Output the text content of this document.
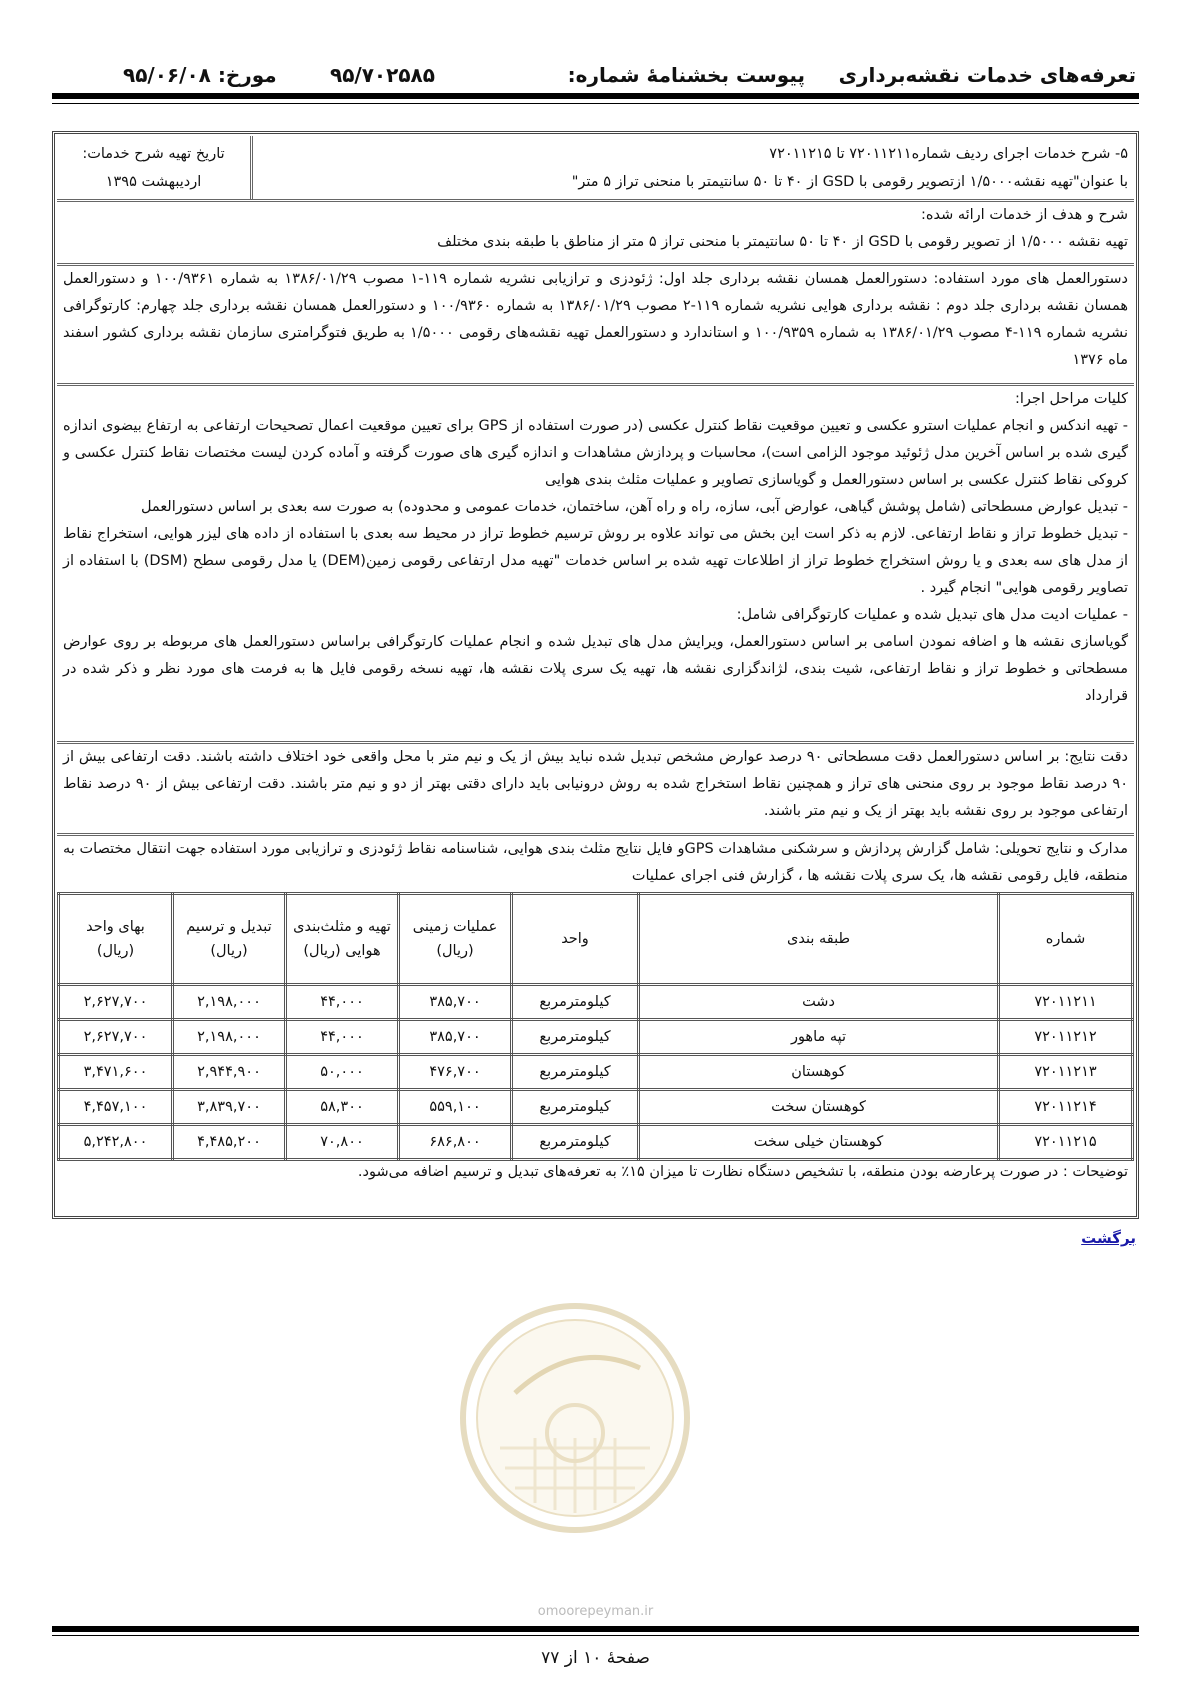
تعرفه‌های خدمات نقشه‌برداری
پیوست بخشنامهٔ شماره:
۹۵/۷۰۲۵۸۵
مورخ: ۹۵/۰۶/۰۸
۵- شرح خدمات اجرای ردیف شماره۷۲۰۱۱۲۱۱ تا ۷۲۰۱۱۲۱۵
با عنوان"تهیه نقشه۱/۵۰۰۰ ازتصویر رقومی با GSD از ۴۰ تا ۵۰ سانتیمتر با منحنی تراز ۵ متر"
تاریخ تهیه شرح خدمات:
اردیبهشت ۱۳۹۵

شرح و هدف از خدمات ارائه شده:

تهیه نقشه ۱/۵۰۰۰ از تصویر رقومی با GSD از ۴۰ تا ۵۰ سانتیمتر با منحنی تراز ۵ متر از مناطق با طبقه بندی مختلف

دستورالعمل های مورد استفاده: دستورالعمل همسان نقشه برداری جلد اول: ژئودزی و ترازیابی نشریه شماره ۱۱۹-۱ مصوب ۱۳۸۶/۰۱/۲۹ به شماره ۱۰۰/۹۳۶۱ و دستورالعمل همسان نقشه برداری جلد دوم : نقشه برداری هوایی نشریه شماره ۱۱۹-۲ مصوب ۱۳۸۶/۰۱/۲۹ به شماره ۱۰۰/۹۳۶۰ و دستورالعمل همسان نقشه برداری جلد چهارم: کارتوگرافی نشریه شماره ۱۱۹-۴ مصوب ۱۳۸۶/۰۱/۲۹ به شماره ۱۰۰/۹۳۵۹ و استاندارد و دستورالعمل تهیه نقشه‌های رقومی ۱/۵۰۰۰ به طریق فتوگرامتری سازمان نقشه برداری کشور اسفند ماه ۱۳۷۶

کلیات مراحل اجرا:

- تهیه اندکس و انجام عملیات استرو عکسی و تعیین موقعیت نقاط کنترل عکسی (در صورت استفاده از GPS برای تعیین موقعیت اعمال تصحیحات ارتفاعی به ارتفاع بیضوی اندازه گیری شده بر اساس آخرین مدل ژئوئید موجود الزامی است)، محاسبات و پردازش مشاهدات و اندازه گیری های صورت گرفته و آماده کردن لیست مختصات نقاط کنترل عکسی و کروکی نقاط کنترل عکسی بر اساس دستورالعمل و گویاسازی تصاویر و عملیات مثلث بندی هوایی

- تبدیل عوارض مسطحاتی (شامل پوشش گیاهی، عوارض آبی، سازه، راه و راه آهن، ساختمان، خدمات عمومی و محدوده) به صورت سه بعدی بر اساس دستورالعمل

- تبدیل خطوط تراز و نقاط ارتفاعی. لازم به ذکر است این بخش می تواند علاوه بر روش ترسیم خطوط تراز در محیط سه بعدی با استفاده از داده های لیزر هوایی، استخراج نقاط از مدل های سه بعدی و یا روش استخراج خطوط تراز از اطلاعات تهیه شده بر اساس خدمات "تهیه مدل ارتفاعی رقومی زمین(DEM) یا مدل رقومی سطح (DSM) با استفاده از تصاویر رقومی هوایی" انجام گیرد .

- عملیات ادیت مدل های تبدیل شده و عملیات کارتوگرافی شامل:

گویاسازی نقشه ها و اضافه نمودن اسامی بر اساس دستورالعمل، ویرایش مدل های تبدیل شده و انجام عملیات کارتوگرافی براساس دستورالعمل های مربوطه بر روی عوارض مسطحاتی و خطوط تراز و نقاط ارتفاعی، شیت بندی، لژاندگزاری نقشه ها، تهیه یک سری پلات نقشه ها، تهیه نسخه رقومی فایل ها به فرمت های مورد نظر و ذکر شده در قرارداد

دقت نتایج: بر اساس دستورالعمل دقت مسطحاتی ۹۰ درصد عوارض مشخص تبدیل شده نباید بیش از یک و نیم متر با محل واقعی خود اختلاف داشته باشند. دقت ارتفاعی بیش از ۹۰ درصد نقاط موجود بر روی منحنی های تراز و همچنین نقاط استخراج شده به روش درونیابی باید دارای دقتی بهتر از دو و نیم متر باشند. دقت ارتفاعی بیش از ۹۰ درصد نقاط ارتفاعی موجود بر روی نقشه باید بهتر از یک و نیم متر باشند.

مدارک و نتایج تحویلی: شامل گزارش پردازش و سرشکنی مشاهدات GPSو فایل نتایج مثلث بندی هوایی، شناسنامه نقاط ژئودزی و ترازیابی مورد استفاده جهت انتقال مختصات به منطقه، فایل رقومی نقشه ها، یک سری پلات نقشه ها ، گزارش فنی اجرای عملیات

شماره	طبقه بندی	واحد	عملیات زمینی (ریال)	تهیه و مثلث‌بندی هوایی (ریال)	تبدیل و ترسیم (ریال)	بهای واحد (ریال)
۷۲۰۱۱۲۱۱	دشت	کیلومترمربع	۳۸۵,۷۰۰	۴۴,۰۰۰	۲,۱۹۸,۰۰۰	۲,۶۲۷,۷۰۰
۷۲۰۱۱۲۱۲	تپه ماهور	کیلومترمربع	۳۸۵,۷۰۰	۴۴,۰۰۰	۲,۱۹۸,۰۰۰	۲,۶۲۷,۷۰۰
۷۲۰۱۱۲۱۳	کوهستان	کیلومترمربع	۴۷۶,۷۰۰	۵۰,۰۰۰	۲,۹۴۴,۹۰۰	۳,۴۷۱,۶۰۰
۷۲۰۱۱۲۱۴	کوهستان سخت	کیلومترمربع	۵۵۹,۱۰۰	۵۸,۳۰۰	۳,۸۳۹,۷۰۰	۴,۴۵۷,۱۰۰
۷۲۰۱۱۲۱۵	کوهستان خیلی سخت	کیلومترمربع	۶۸۶,۸۰۰	۷۰,۸۰۰	۴,۴۸۵,۲۰۰	۵,۲۴۲,۸۰۰
توضیحات : در صورت پرعارضه بودن منطقه، با تشخیص دستگاه نظارت تا میزان ۱۵٪ به تعرفه‌های تبدیل و ترسیم اضافه می‌شود.
برگشت
omoorepeyman.ir
صفحهٔ ۱۰ از ۷۷
